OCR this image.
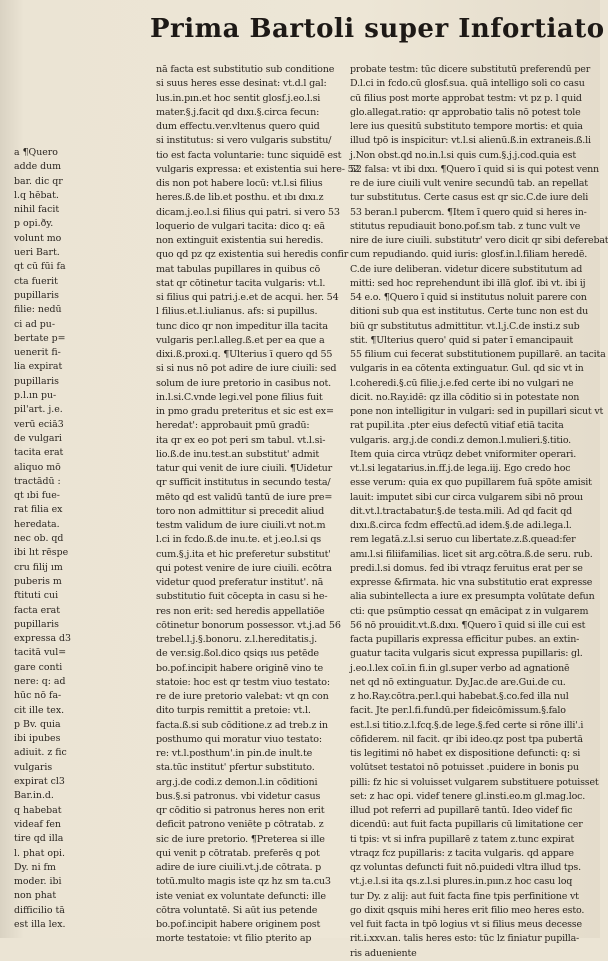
Prima Bartoli super Infortiato
a ¶Quero
adde dum
bar. dic qr
l.q hēbat.
nihil facit
p opi.ðy.
volunt mo
ueri Bart.
qt cū fūi fa
cta fuerit
pupillaris
filie: nedū
ci ad pu-
bertate p=
uenerit fi-
lia expirat
pupillaris
p.l.ın pu-
pil'art. j.e.
verū eciā3
de vulgari
tacita erat
aliquo mō
tractādū :
qt ıbi fue-
rat filia ex
heredata.
nec ob. qd
ibi lıt rēspe
cru filij ım
puberis m
ftituti cui
facta erat
pupillaris
expressa d3
tacitā vul=
gare conti
nere: q: ad
hūc nō fa-
cit ille tex.
p Bv. quia
ibi ipubes
adiuit. z fic
vulgaris
expirat cl3
Bar.in.d.
q habebat
videaf fen
tire qd illa
l. phat opi.
Dy. ni fm
moder. ibi
non phat
difficilio tā
est illa lex.
nā facta est substitutio sub conditione
si suus heres esse desinat: vt.d.l gal:
lus.in.pın.et hoc sentit glosf.j.eo.l.si
mater.§.j.facit qd dıxı.§.circa fecun:
dum effectu.ver.vltenus quero quid
si institutus: si vero vulgaris substitu/
tio est facta voluntarie: tunc siquidē est
vulgaris expressa: et existentia sui here- 52
dis non pot habere locū: vt.l.si filius
heres.ß.de lib.et posthu. et ıbı dıxı.z
dicam.j.eo.l.si filius qui patri. si vero 53
loquerio de vulgari tacita: dico q: eā
non extinguit existentia sui heredis.
quo qd pz qz existentia sui heredis confir
mat tabulas pupillares in quibus cō
stat qr cōtinetur tacita vulgaris: vt.l.
si filius qui patri.j.e.et de acqui. her. 54
l filius.et.l.iulianus. afs: si pupillus.
tunc dico qr non impeditur illa tacita
vulgaris per.l.alleg.ß.et per ea que a
dixi.ß.proxi.q. ¶Ulterius ī quero qd 55
si si nus nō pot adire de iure ciuili: sed
solum de iure pretorio in casibus not.
in.l.si.C.vnde legi.vel pone filius fuit
in pmo gradu preteritus et sic est ex=
heredat': approbauit pmū gradū:
ita qr ex eo pot peri sm tabul. vt.l.si-
lio.ß.de inu.test.an substitut' admit
tatur qui venit de iure ciuili. ¶Uidetur
qr sufficit institutus in secundo testa/
mēto qd est validū tantū de iure pre=
toro non admittitur si precedit aliud
testm validum de iure ciuili.vt not.m
l.ci in fcdo.ß.de inu.te. et j.eo.l.si qs
cum.§.j.ita et hic preferetur substitut'
qui potest venire de iure ciuili. ecōtra
videtur quod preferatur institut'. nā
substitutio fuit cōcepta in casu si he-
res non erit: sed heredis appellatiōe
cōtinetur bonorum possessor. vt.j.ad 56
trebel.l.j.§.bonoru. z.l.hereditatis.j.
de ver.sig.ßol.dico qsiqs ıus petēde
bo.pof.incipit habere originē vino te
statoie: hoc est qr testm viuo testato:
re de iure pretorio valebat: vt qn con
dito turpis remittit a pretoie: vt.l.
facta.ß.si sub cōditione.z ad treb.z in
posthumo qui moratur viuo testato:
re: vt.l.posthum'.in pin.de inult.te
sta.tūc institut' pfertur substituto.
arg.j.de codi.z demon.l.in cōditioni
bus.§.si patronus. vbi videtur casus
qr cōditio si patronus heres non erit
deficit patrono veniēte p cōtratab. z
sic de iure pretorio. ¶Preterea si ille
qui venit p cōtratab. preferēs q pot
adire de iure ciuili.vt.j.de cōtrata. p
totū.multo magis iste qz hz sm ta.cu3
iste veniat ex voluntate defuncti: ille
cōtra voluntatē. Si aūt ius petende
bo.pof.incipit habere originem post
morte testatoie: vt filio pterito ap
probate testm: tūc dicere substitutū preferendū per
D.l.ci in fcdo.cū glosf.sua. quā intelligo soli co casu
cū filius post morte approbat testm: vt pz p. l quid
glo.allegat.ratio: qr approbatio talis nō potest tole
lere ius quesitū substituto tempore mortis: et quia
illud tpō is inspicitur: vt.l.si alienū.ß.in extraneis.ß.li
j.Non obst.qd no.in.l.si quis cum.§.j.j.cod.quia est
52 falsa: vt ibi dıxı. ¶Quero ī quid si is qui potest venn
re de iure ciuili vult venire secundū tab. an repellat
tur substitutus. Certe casus est qr sic.C.de iure deli
53 beran.l pubercm. ¶Item ī quero quid si heres in-
stitutus repudiauit bono.pof.sm tab. z tunc vult ve
nire de iure ciuili. substitutr' vero dicit qr sibi deferebat
cum repudiando. quid iuris: glosf.in.l.filiam heredē.
C.de iure deliberan. videtur dicere substitutum ad
mitti: sed hoc reprehendunt ibi illā glof. ibi vt. ibi ij
54 e.o. ¶Quero ī quid si institutus noluit parere con
ditioni sub qua est institutus. Certe tunc non est du
biū qr substitutus admittitur. vt.l.j.C.de insti.z sub
stit. ¶Ulterius quero' quid si pater ī emancipauit
55 filium cui fecerat substitutionem pupillarē. an tacita
vulgaris in ea cōtenta extinguatur. Gul. qd sic vt in
l.coheredi.§.cū filie.j.e.fed certe ibi no vulgari ne
dicit. no.Ray.idē: qz illa cōditio si in potestate non
pone non intelligitur in vulgari: sed in pupillari sicut vt
rat pupil.ita .pter eius defectū vitiaf etiā tacita
vulgaris. arg.j.de condi.z demon.l.mulieri.§.titio.
Item quia circa vtrūqz debet vniformiter operari.
vt.l.si legatarius.in.ff.j.de lega.iij. Ego credo hoc
esse verum: quia ex quo pupillarem fuā spōte amisit
lauit: imputet sibi cur circa vulgarem sibi nō prouı
dit.vt.l.tractabatur.§.de testa.mili. Ad qd facit qd
dıxı.ß.circa fcdm effectū.ad idem.§.de adi.lega.l.
rem legatā.z.l.si seruo cuı libertate.z.ß.quead:fer
amı.l.si filiifamilias. licet sit arg.cōtra.ß.de seru. rub.
predi.l.si domus. fed ibi vtraqz feruitus erat per se
expresse &firmata. hic vna substitutio erat expresse
alia subintellecta a iure ex presumpta volūtate defun
cti: que psūmptio cessat qn emācipat z in vulgarem
56 nō prouidit.vt.ß.dıxı. ¶Quero ī quid si ille cui est
facta pupillaris expressa efficitur pubes. an extin-
guatur tacita vulgaris sicut expressa pupillaris: gl.
j.eo.l.lex coī.in fi.in gl.super verbo ad agnationē
net qd nō extinguatur. Dy.Jac.de are.Gui.de cu.
z ho.Ray.cōtra.per.l.qui habebat.§.co.fed illa nul
facit. Jte per.l.fi.fundū.per fideicōmissum.§.falo
est.l.si titio.z.l.fcq.§.de lege.§.fed certe si rōne illi'.i
cōfiderem. nil facit. qr ibi ideo.qz post tpa pubertā
tis legitimi nō habet ex dispositione defuncti: q: si
volūtset testatoi nō potuisset .puidere in bonis pu
pilli: fz hic si voluisset vulgarem substituere potuisset
set: z hac opi. videf tenere gl.insti.eo.m gl.mag.loc.
illud pot referri ad pupillarē tantū. Ideo videf fic
dicendū: aut fuit facta pupillaris cū limitatione cer
ti tpis: vt si infra pupillarē z tatem z.tunc expirat
vtraqz fcz pupillaris: z tacita vulgaris. qd appare
qz voluntas defuncti fuit nō.puidedi vltra illud tps.
vt.j.e.l.si ita qs.z.l.si plures.in.pıın.z hoc casu loq
tur Dy. z alij: aut fuit facta fine tpis perfinitione vt
go dixit qsquis mihi heres erit filio meo heres esto.
vel fuit facta in tpō logius vt si filius meus decesse
rit.i.xxv.an. talis heres esto: tūc lz finiatur pupilla-
ris adueniente
